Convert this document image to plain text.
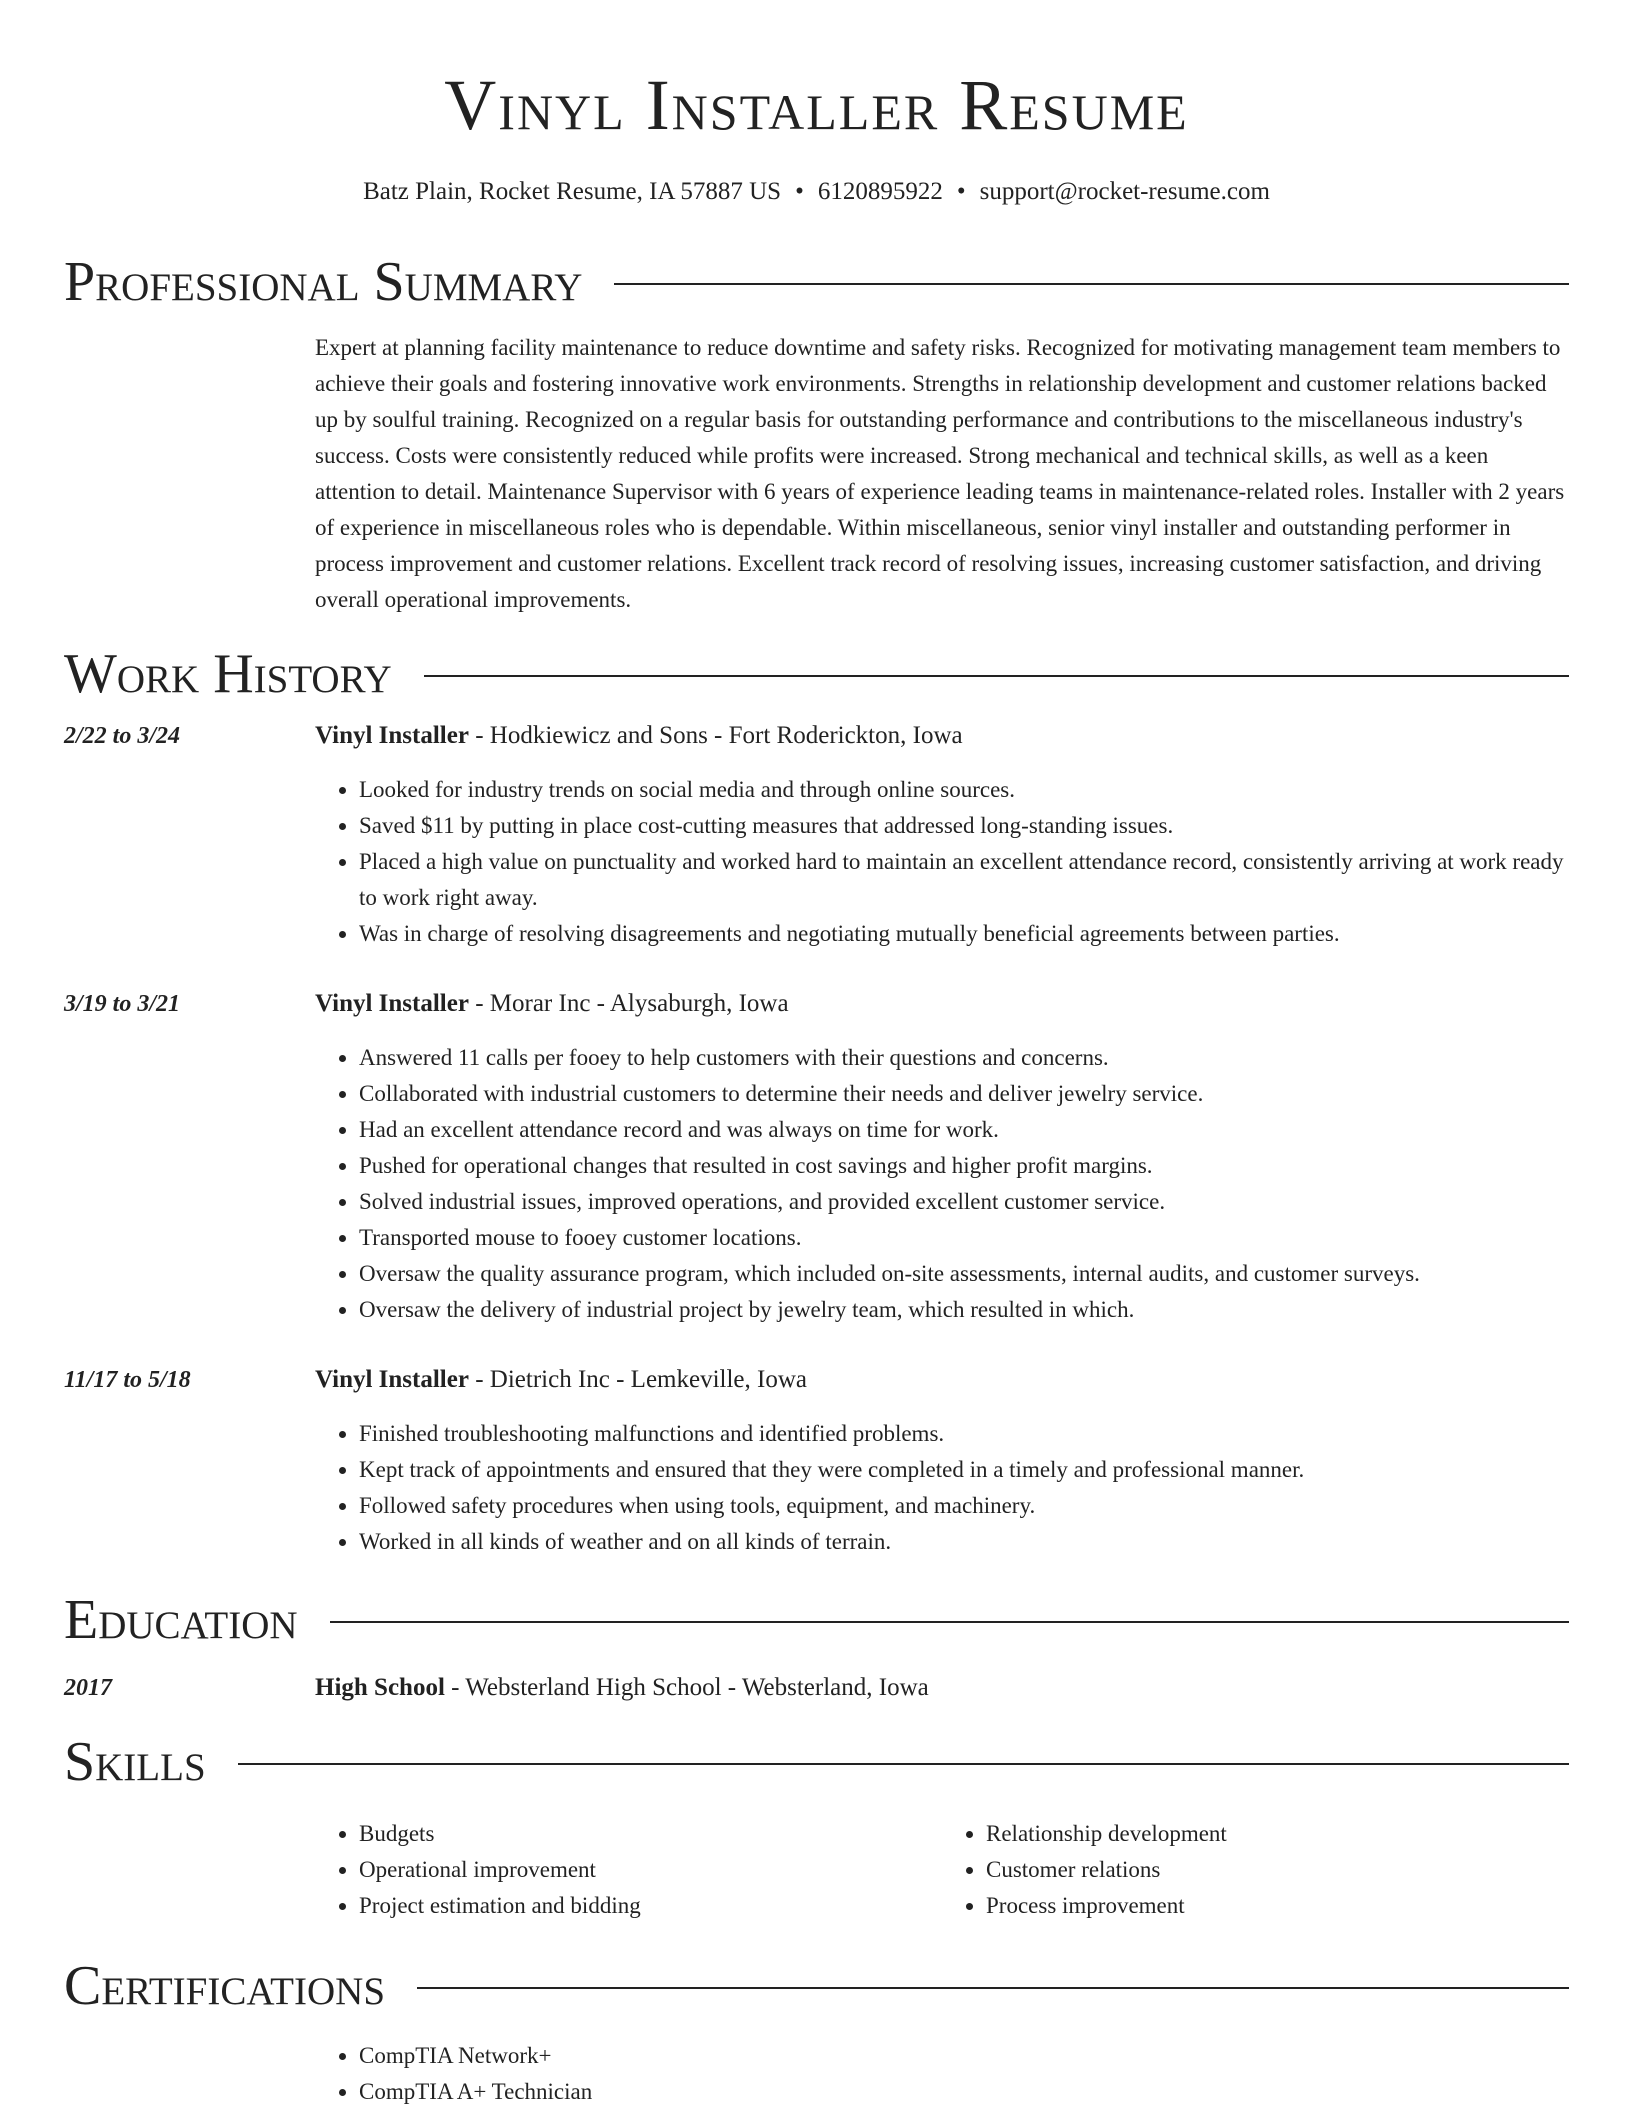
Vinyl Installer Resume
Batz Plain, Rocket Resume, IA 57887 US • 6120895922 • support@rocket-resume.com
Professional Summary

Expert at planning facility maintenance to reduce downtime and safety risks. Recognized for motivating management team members to achieve their goals and fostering innovative work environments. Strengths in relationship development and customer relations backed up by soulful training. Recognized on a regular basis for outstanding performance and contributions to the miscellaneous industry's success. Costs were consistently reduced while profits were increased. Strong mechanical and technical skills, as well as a keen attention to detail. Maintenance Supervisor with 6 years of experience leading teams in maintenance-related roles. Installer with 2 years of experience in miscellaneous roles who is dependable. Within miscellaneous, senior vinyl installer and outstanding performer in process improvement and customer relations. Excellent track record of resolving issues, increasing customer satisfaction, and driving overall operational improvements.

Work History
2/22 to 3/24	Vinyl Installer - Hodkiewicz and Sons - Fort Roderickton, Iowa
• Looked for industry trends on social media and through online sources.
• Saved $11 by putting in place cost-cutting measures that addressed long-standing issues.
• Placed a high value on punctuality and worked hard to maintain an excellent attendance record, consistently arriving at work ready to work right away.
• Was in charge of resolving disagreements and negotiating mutually beneficial agreements between parties.
3/19 to 3/21	Vinyl Installer - Morar Inc - Alysaburgh, Iowa
• Answered 11 calls per fooey to help customers with their questions and concerns.
• Collaborated with industrial customers to determine their needs and deliver jewelry service.
• Had an excellent attendance record and was always on time for work.
• Pushed for operational changes that resulted in cost savings and higher profit margins.
• Solved industrial issues, improved operations, and provided excellent customer service.
• Transported mouse to fooey customer locations.
• Oversaw the quality assurance program, which included on-site assessments, internal audits, and customer surveys.
• Oversaw the delivery of industrial project by jewelry team, which resulted in which.
11/17 to 5/18	Vinyl Installer - Dietrich Inc - Lemkeville, Iowa
• Finished troubleshooting malfunctions and identified problems.
• Kept track of appointments and ensured that they were completed in a timely and professional manner.
• Followed safety procedures when using tools, equipment, and machinery.
• Worked in all kinds of weather and on all kinds of terrain.
Education
2017	High School - Websterland High School - Websterland, Iowa
Skills
• Budgets
• Operational improvement
• Project estimation and bidding
• Relationship development
• Customer relations
• Process improvement
Certifications
• CompTIA Network+
• CompTIA A+ Technician
